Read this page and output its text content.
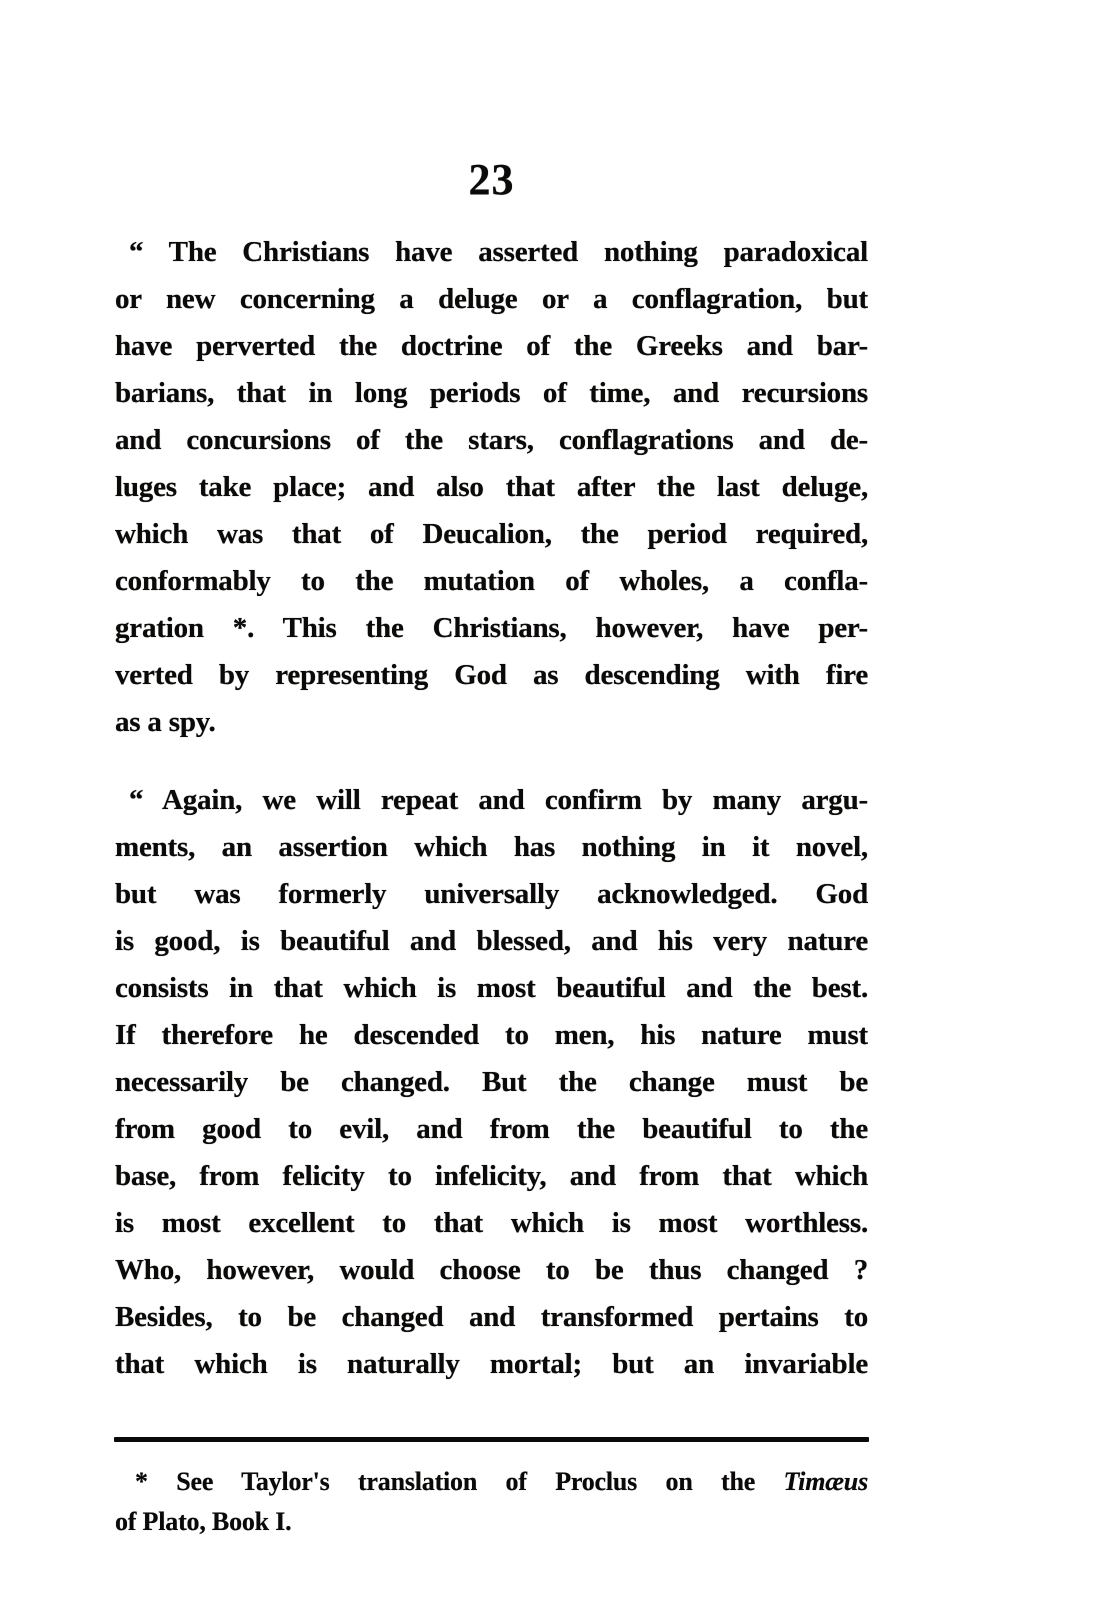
23
“ The Christians have asserted nothing paradoxical
or new concerning a deluge or a conflagration, but
have perverted the doctrine of the Greeks and bar-
barians, that in long periods of time, and recursions
and concursions of the stars, conflagrations and de-
luges take place; and also that after the last deluge,
which was that of Deucalion, the period required,
conformably to the mutation of wholes, a confla-
gration *. This the Christians, however, have per-
verted by representing God as descending with fire
as a spy.
“ Again, we will repeat and confirm by many argu-
ments, an assertion which has nothing in it novel,
but was formerly universally acknowledged. God
is good, is beautiful and blessed, and his very nature
consists in that which is most beautiful and the best.
If therefore he descended to men, his nature must
necessarily be changed. But the change must be
from good to evil, and from the beautiful to the
base, from felicity to infelicity, and from that which
is most excellent to that which is most worthless.
Who, however, would choose to be thus changed ?
Besides, to be changed and transformed pertains to
that which is naturally mortal; but an invariable
* See Taylor's translation of Proclus on the Timæus
of Plato, Book I.
